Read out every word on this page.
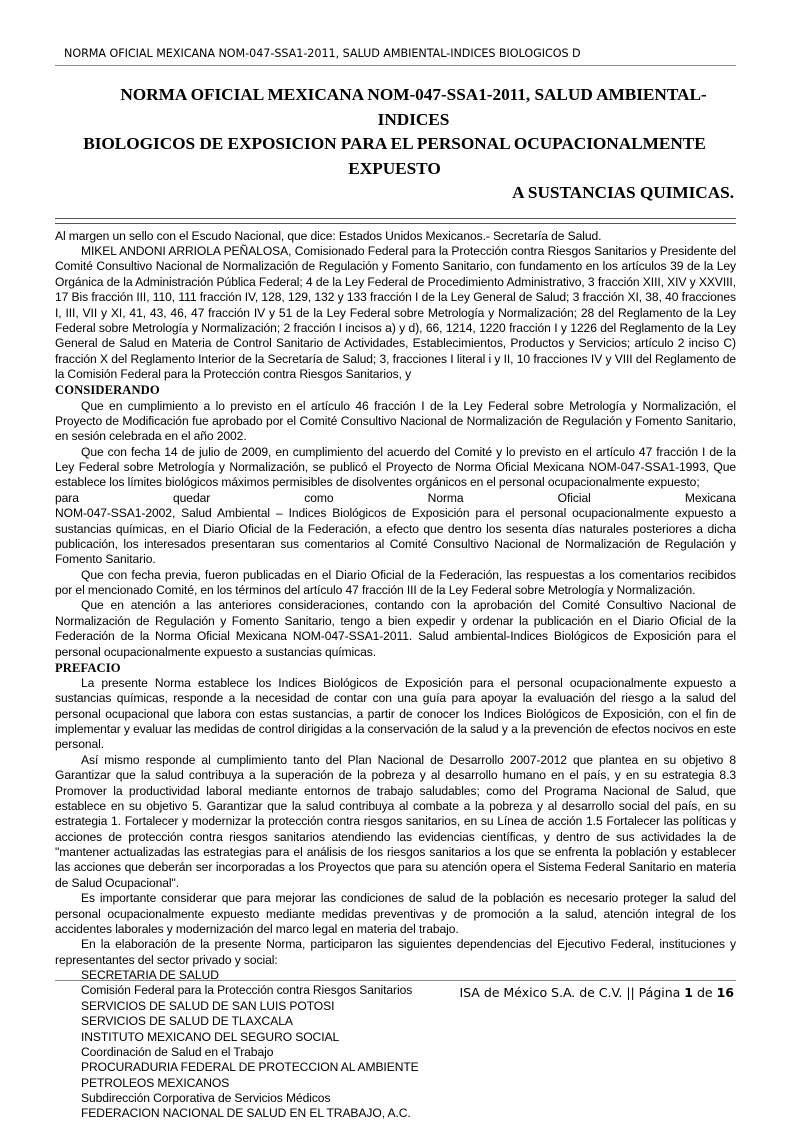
NORMA OFICIAL MEXICANA NOM-047-SSA1-2011, SALUD AMBIENTAL-INDICES BIOLOGICOS D
NORMA OFICIAL MEXICANA NOM-047-SSA1-2011, SALUD AMBIENTAL-INDICES
BIOLOGICOS DE EXPOSICION PARA EL PERSONAL OCUPACIONALMENTE EXPUESTO
A SUSTANCIAS QUIMICAS.

Al margen un sello con el Escudo Nacional, que dice: Estados Unidos Mexicanos.- Secretaría de Salud.

MIKEL ANDONI ARRIOLA PEÑALOSA, Comisionado Federal para la Protección contra Riesgos Sanitarios y Presidente del Comité Consultivo Nacional de Normalización de Regulación y Fomento Sanitario, con fundamento en los artículos 39 de la Ley Orgánica de la Administración Pública Federal; 4 de la Ley Federal de Procedimiento Administrativo, 3 fracción XIII, XIV y XXVIII, 17 Bis fracción III, 110, 111 fracción IV, 128, 129, 132 y 133 fracción I de la Ley General de Salud; 3 fracción XI, 38, 40 fracciones I, III, VII y XI, 41, 43, 46, 47 fracción IV y 51 de la Ley Federal sobre Metrología y Normalización; 28 del Reglamento de la Ley Federal sobre Metrología y Normalización; 2 fracción I incisos a) y d), 66, 1214, 1220 fracción I y 1226 del Reglamento de la Ley General de Salud en Materia de Control Sanitario de Actividades, Establecimientos, Productos y Servicios; artículo 2 inciso C) fracción X del Reglamento Interior de la Secretaría de Salud; 3, fracciones I literal i y II, 10 fracciones IV y VIII del Reglamento de la Comisión Federal para la Protección contra Riesgos Sanitarios, y

CONSIDERANDO

Que en cumplimiento a lo previsto en el artículo 46 fracción I de la Ley Federal sobre Metrología y Normalización, el Proyecto de Modificación fue aprobado por el Comité Consultivo Nacional de Normalización de Regulación y Fomento Sanitario, en sesión celebrada en el año 2002.

Que con fecha 14 de julio de 2009, en cumplimiento del acuerdo del Comité y lo previsto en el artículo 47 fracción I de la Ley Federal sobre Metrología y Normalización, se publicó el Proyecto de Norma Oficial Mexicana NOM-047-SSA1-1993, Que establece los límites biológicos máximos permisibles de disolventes orgánicos en el personal ocupacionalmente expuesto;

para	quedar	como	Norma	Oficial	Mexicana

NOM-047-SSA1-2002, Salud Ambiental – Indices Biológicos de Exposición para el personal ocupacionalmente expuesto a sustancias químicas, en el Diario Oficial de la Federación, a efecto que dentro los sesenta días naturales posteriores a dicha publicación, los interesados presentaran sus comentarios al Comité Consultivo Nacional de Normalización de Regulación y Fomento Sanitario.

Que con fecha previa, fueron publicadas en el Diario Oficial de la Federación, las respuestas a los comentarios recibidos por el mencionado Comité, en los términos del artículo 47 fracción III de la Ley Federal sobre Metrología y Normalización.

Que en atención a las anteriores consideraciones, contando con la aprobación del Comité Consultivo Nacional de Normalización de Regulación y Fomento Sanitario, tengo a bien expedir y ordenar la publicación en el Diario Oficial de la Federación de la Norma Oficial Mexicana NOM-047-SSA1-2011. Salud ambiental-Indices Biológicos de Exposición para el personal ocupacionalmente expuesto a sustancias químicas.

PREFACIO

La presente Norma establece los Indices Biológicos de Exposición para el personal ocupacionalmente expuesto a sustancias químicas, responde a la necesidad de contar con una guía para apoyar la evaluación del riesgo a la salud del personal ocupacional que labora con estas sustancias, a partir de conocer los Indices Biológicos de Exposición, con el fin de implementar y evaluar las medidas de control dirigidas a la conservación de la salud y a la prevención de efectos nocivos en este personal.

Así mismo responde al cumplimiento tanto del Plan Nacional de Desarrollo 2007-2012 que plantea en su objetivo 8 Garantizar que la salud contribuya a la superación de la pobreza y al desarrollo humano en el país, y en su estrategia 8.3 Promover la productividad laboral mediante entornos de trabajo saludables; como del Programa Nacional de Salud, que establece en su objetivo 5. Garantizar que la salud contribuya al combate a la pobreza y al desarrollo social del país, en su estrategia 1. Fortalecer y modernizar la protección contra riesgos sanitarios, en su Línea de acción 1.5 Fortalecer las políticas y acciones de protección contra riesgos sanitarios atendiendo las evidencias científicas, y dentro de sus actividades la de "mantener actualizadas las estrategias para el análisis de los riesgos sanitarios a los que se enfrenta la población y establecer las acciones que deberán ser incorporadas a los Proyectos que para su atención opera el Sistema Federal Sanitario en materia de Salud Ocupacional".

Es importante considerar que para mejorar las condiciones de salud de la población es necesario proteger la salud del personal ocupacionalmente expuesto mediante medidas preventivas y de promoción a la salud, atención integral de los accidentes laborales y modernización del marco legal en materia del trabajo.

En la elaboración de la presente Norma, participaron las siguientes dependencias del Ejecutivo Federal, instituciones y representantes del sector privado y social:

SECRETARIA DE SALUD
Comisión Federal para la Protección contra Riesgos Sanitarios
SERVICIOS DE SALUD DE SAN LUIS POTOSI
SERVICIOS DE SALUD DE TLAXCALA
INSTITUTO MEXICANO DEL SEGURO SOCIAL
Coordinación de Salud en el Trabajo
PROCURADURIA FEDERAL DE PROTECCION AL AMBIENTE
PETROLEOS MEXICANOS
Subdirección Corporativa de Servicios Médicos
FEDERACION NACIONAL DE SALUD EN EL TRABAJO, A.C.
ISA de México S.A. de C.V. || Página 1 de 16
